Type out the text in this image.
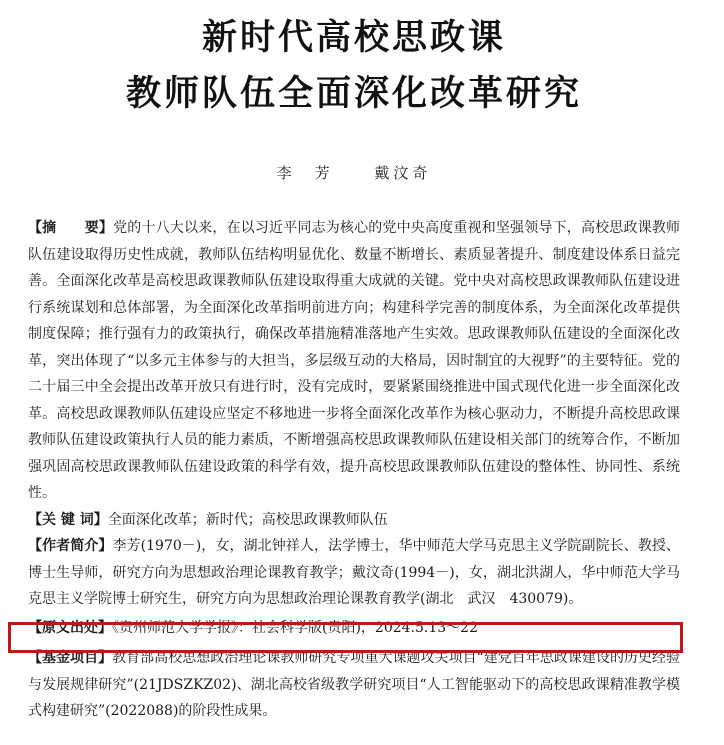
新时代高校思政课
教师队伍全面深化改革研究
李　芳	戴汶奇

【摘　　要】党的十八大以来，在以习近平同志为核心的党中央高度重视和坚强领导下，高校思政课教师队伍建设取得历史性成就，教师队伍结构明显优化、数量不断增长、素质显著提升、制度建设体系日益完善。全面深化改革是高校思政课教师队伍建设取得重大成就的关键。党中央对高校思政课教师队伍建设进行系统谋划和总体部署，为全面深化改革指明前进方向；构建科学完善的制度体系，为全面深化改革提供制度保障；推行强有力的政策执行，确保改革措施精准落地产生实效。思政课教师队伍建设的全面深化改革，突出体现了“以多元主体参与的大担当，多层级互动的大格局，因时制宜的大视野”的主要特征。党的二十届三中全会提出改革开放只有进行时，没有完成时，要紧紧围绕推进中国式现代化进一步全面深化改革。高校思政课教师队伍建设应坚定不移地进一步将全面深化改革作为核心驱动力，不断提升高校思政课教师队伍建设政策执行人员的能力素质，不断增强高校思政课教师队伍建设相关部门的统筹合作，不断加强巩固高校思政课教师队伍建设政策的科学有效，提升高校思政课教师队伍建设的整体性、协同性、系统性。

【关 键 词】全面深化改革；新时代；高校思政课教师队伍

【作者简介】李芳(1970－)，女，湖北钟祥人，法学博士，华中师范大学马克思主义学院副院长、教授、博士生导师，研究方向为思想政治理论课教育教学；戴汶奇(1994－)，女，湖北洪湖人，华中师范大学马克思主义学院博士研究生，研究方向为思想政治理论课教育教学(湖北　武汉　430079)。

【原文出处】《贵州师范大学学报》：社会科学版(贵阳)，2024.5.13～22

【基金项目】教育部高校思想政治理论课教师研究专项重大课题攻关项目“建党百年思政课建设的历史经验与发展规律研究”(21JDSZKZ02)、湖北高校省级教学研究项目“人工智能驱动下的高校思政课精准教学模式构建研究”(2022088)的阶段性成果。
